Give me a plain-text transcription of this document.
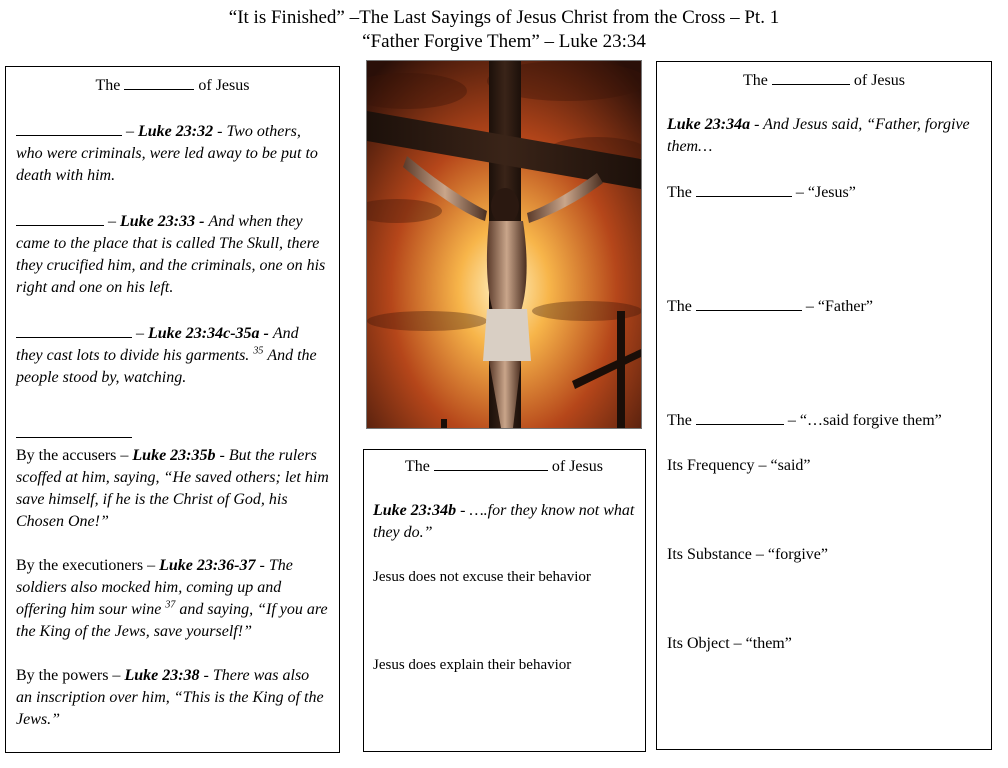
“It is Finished” –The Last Sayings of Jesus Christ from the Cross – Pt. 1
“Father Forgive Them” – Luke 23:34

The	of Jesus

– Luke 23:32 - Two others, who were criminals, were led away to be put to death with him.

– Luke 23:33 - And when they came to the place that is called The Skull, there they crucified him, and the criminals, one on his right and one on his left.

– Luke 23:34c-35a - And they cast lots to divide his garments. $^{35}$ And the people stood by, watching.

By the accusers – Luke 23:35b - But the rulers scoffed at him, saying, “He saved others; let him save himself, if he is the Christ of God, his Chosen One!”

By the executioners – Luke 23:36-37 - The soldiers also mocked him, coming up and offering him sour wine $^{37}$ and saying, “If you are the King of the Jews, save yourself!”

By the powers – Luke 23:38 - There was also an inscription over him, “This is the King of the Jews.”

The	of Jesus

Luke 23:34b - ….for they know not what they do.”

Jesus does not excuse their behavior

Jesus does explain their behavior

The	of Jesus

Luke 23:34a - And Jesus said, “Father, forgive them…

The	– “Jesus”

The	– “Father”

The	– “…said forgive them”

Its Frequency – “said”

Its Substance – “forgive”

Its Object – “them”
